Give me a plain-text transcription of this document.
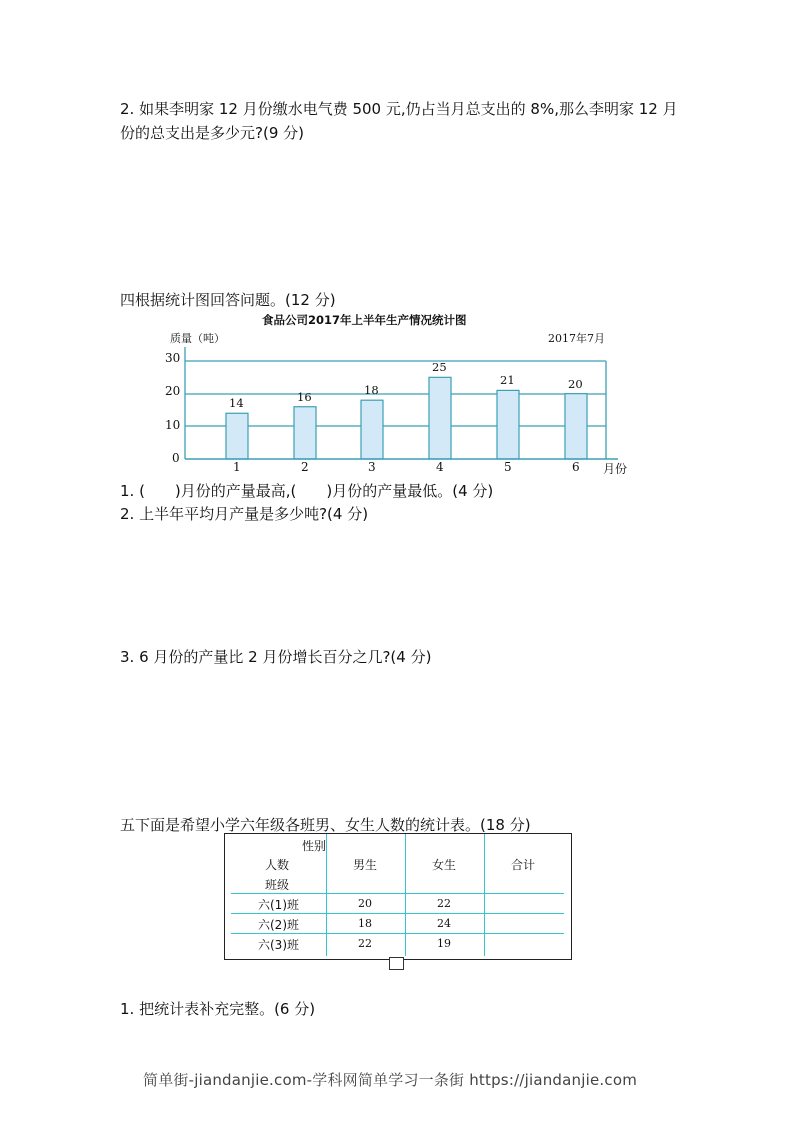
2. 如果李明家 12 月份缴水电气费 500 元,仍占当月总支出的 8%,那么李明家 12 月
份的总支出是多少元?(9 分)
四根据统计图回答问题。(12 分)
食品公司2017年上半年生产情况统计图
质量（吨）	2017年7月
30
20
10
0
1	2	3	4	5	6 月份
14	16	18
25
21	20
1. (　　)月份的产量最高,(　　)月份的产量最低。(4 分)
2. 上半年平均月产量是多少吨?(4 分)
3. 6 月份的产量比 2 月份增长百分之几?(4 分)
五下面是希望小学六年级各班男、女生人数的统计表。(18 分)
性别
人数
班级
男生	女生	合计
六(1)班	20	22
六(2)班	18	24
六(3)班	22	19
1. 把统计表补充完整。(6 分)
简单街-jiandanjie.com-学科网简单学习一条街 https://jiandanjie.com
